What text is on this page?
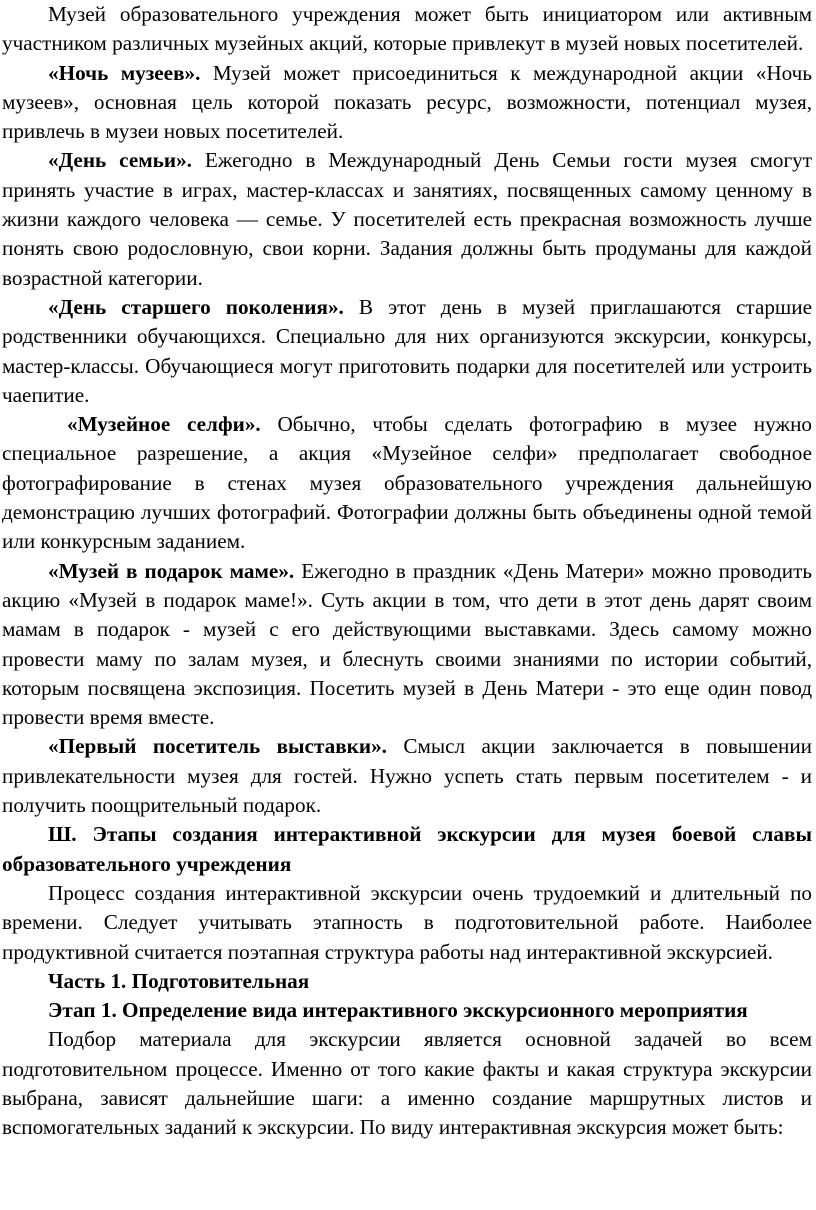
Музей образовательного учреждения может быть инициатором или активным участником различных музейных акций, которые привлекут в музей новых посетителей.

«Ночь музеев». Музей может присоединиться к международной акции «Ночь музеев», основная цель которой показать ресурс, возможности, потенциал музея, привлечь в музеи новых посетителей.

«День семьи». Ежегодно в Международный День Семьи гости музея смогут принять участие в играх, мастер-классах и занятиях, посвященных самому ценному в жизни каждого человека — семье. У посетителей есть прекрасная возможность лучше понять свою родословную, свои корни. Задания должны быть продуманы для каждой возрастной категории.

«День старшего поколения». В этот день в музей приглашаются старшие родственники обучающихся. Специально для них организуются экскурсии, конкурсы, мастер-классы. Обучающиеся могут приготовить подарки для посетителей или устроить чаепитие.

«Музейное селфи». Обычно, чтобы сделать фотографию в музее нужно специальное разрешение, а акция «Музейное селфи» предполагает свободное фотографирование в стенах музея образовательного учреждения дальнейшую демонстрацию лучших фотографий. Фотографии должны быть объединены одной темой или конкурсным заданием.

«Музей в подарок маме». Ежегодно в праздник «День Матери» можно проводить акцию «Музей в подарок маме!». Суть акции в том, что дети в этот день дарят своим мамам в подарок - музей с его действующими выставками. Здесь самому можно провести маму по залам музея, и блеснуть своими знаниями по истории событий, которым посвящена экспозиция. Посетить музей в День Матери - это еще один повод провести время вместе.

«Первый посетитель выставки». Смысл акции заключается в повышении привлекательности музея для гостей. Нужно успеть стать первым посетителем - и получить поощрительный подарок.

Ш. Этапы создания интерактивной экскурсии для музея боевой славы образовательного учреждения

Процесс создания интерактивной экскурсии очень трудоемкий и длительный по времени. Следует учитывать этапность в подготовительной работе. Наиболее продуктивной считается поэтапная структура работы над интерактивной экскурсией.

Часть 1. Подготовительная

Этап 1. Определение вида интерактивного экскурсионного мероприятия

Подбор материала для экскурсии является основной задачей во всем подготовительном процессе. Именно от того какие факты и какая структура экскурсии выбрана, зависят дальнейшие шаги: а именно создание маршрутных листов и вспомогательных заданий к экскурсии. По виду интерактивная экскурсия может быть:
